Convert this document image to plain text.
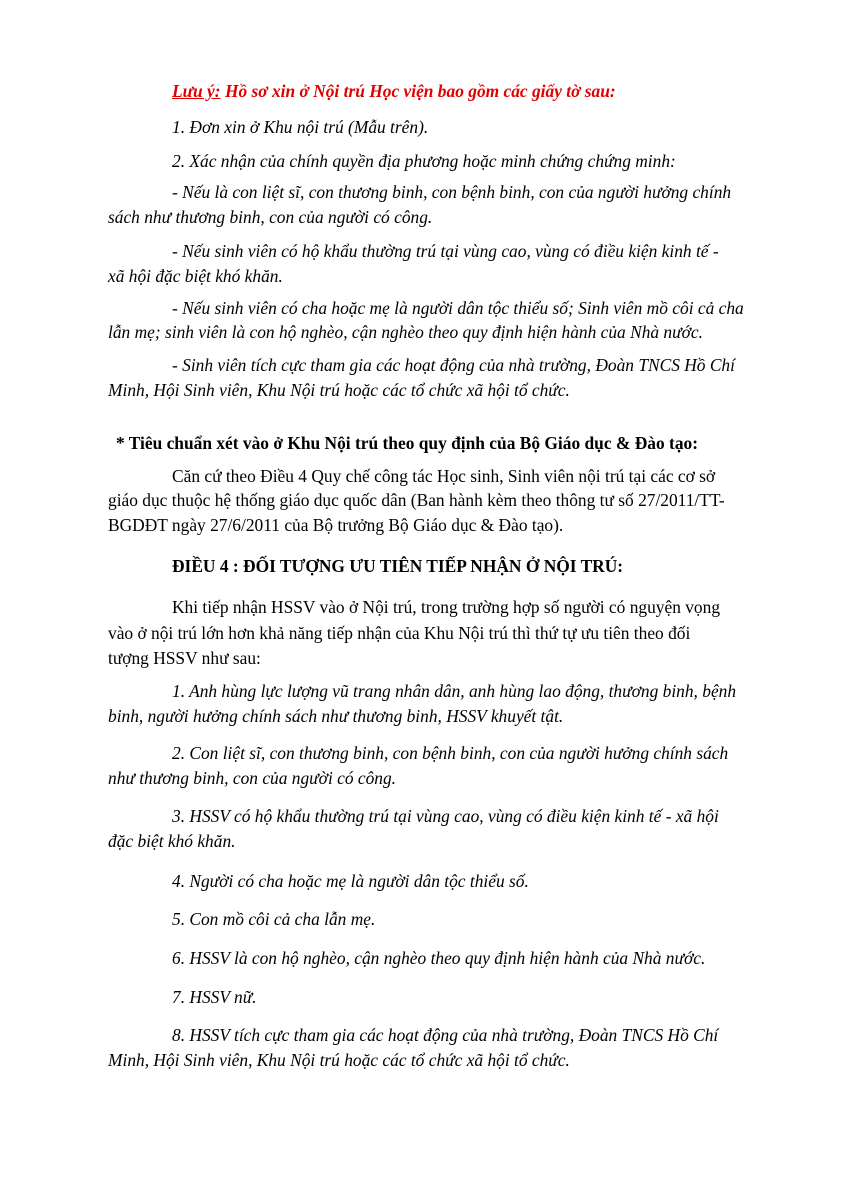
Lưu ý: Hồ sơ xin ở Nội trú Học viện bao gồm các giấy tờ sau:
1. Đơn xin ở Khu nội trú (Mẫu trên).
2. Xác nhận của chính quyền địa phương hoặc minh chứng chứng minh:
- Nếu là con liệt sĩ, con thương binh, con bệnh binh, con của người hưởng chính
sách như thương binh, con của người có công.
- Nếu sinh viên có hộ khẩu thường trú tại vùng cao, vùng có điều kiện kinh tế -
xã hội đặc biệt khó khăn.
- Nếu sinh viên có cha hoặc mẹ là người dân tộc thiểu số; Sinh viên mồ côi cả cha
lẫn mẹ; sinh viên là con hộ nghèo, cận nghèo theo quy định hiện hành của Nhà nước.
- Sinh viên tích cực tham gia các hoạt động của nhà trường, Đoàn TNCS Hồ Chí
Minh, Hội Sinh viên, Khu Nội trú hoặc các tổ chức xã hội tổ chức.
* Tiêu chuẩn xét vào ở Khu Nội trú theo quy định của Bộ Giáo dục & Đào tạo:
Căn cứ theo Điều 4 Quy chế công tác Học sinh, Sinh viên nội trú tại các cơ sở
giáo dục thuộc hệ thống giáo dục quốc dân (Ban hành kèm theo thông tư số 27/2011/TT-
BGDĐT ngày 27/6/2011 của Bộ trưởng Bộ Giáo dục & Đào tạo).
ĐIỀU 4 : ĐỐI TƯỢNG ƯU TIÊN TIẾP NHẬN Ở NỘI TRÚ:
Khi tiếp nhận HSSV vào ở Nội trú, trong trường hợp số người có nguyện vọng
vào ở nội trú lớn hơn khả năng tiếp nhận của Khu Nội trú thì thứ tự ưu tiên theo đối
tượng HSSV như sau:
1. Anh hùng lực lượng vũ trang nhân dân, anh hùng lao động, thương binh, bệnh
binh, người hưởng chính sách như thương binh, HSSV khuyết tật.
2. Con liệt sĩ, con thương binh, con bệnh binh, con của người hưởng chính sách
như thương binh, con của người có công.
3. HSSV có hộ khẩu thường trú tại vùng cao, vùng có điều kiện kinh tế - xã hội
đặc biệt khó khăn.
4. Người có cha hoặc mẹ là người dân tộc thiểu số.
5. Con mồ côi cả cha lẫn mẹ.
6. HSSV là con hộ nghèo, cận nghèo theo quy định hiện hành của Nhà nước.
7. HSSV nữ.
8. HSSV tích cực tham gia các hoạt động của nhà trường, Đoàn TNCS Hồ Chí
Minh, Hội Sinh viên, Khu Nội trú hoặc các tổ chức xã hội tổ chức.
